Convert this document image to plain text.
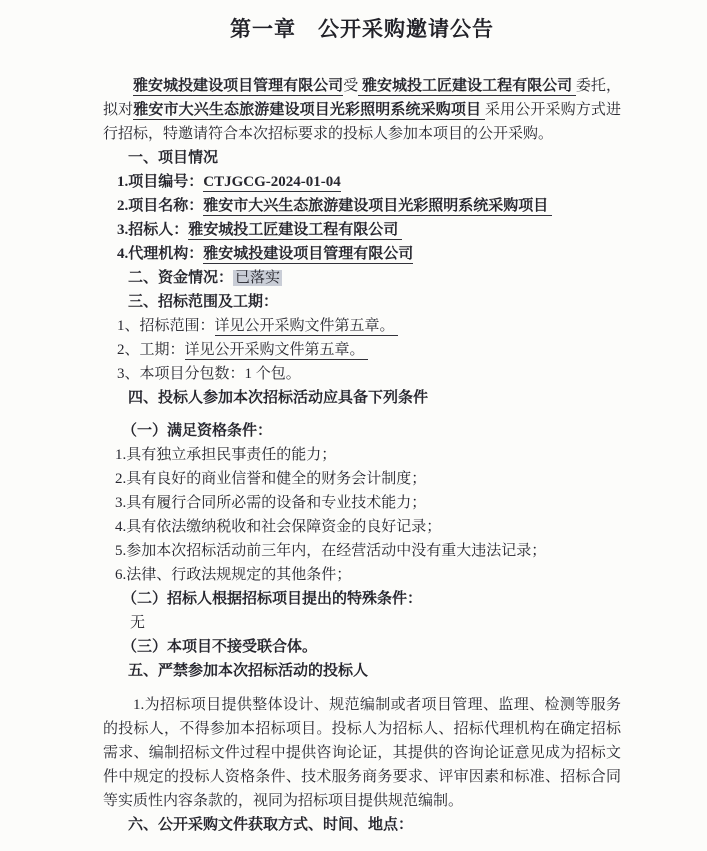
第一章　公开采购邀请公告

雅安城投建设项目管理有限公司受 雅安城投工匠建设工程有限公司 委托，拟对雅安市大兴生态旅游建设项目光彩照明系统采购项目 采用公开采购方式进行招标，特邀请符合本次招标要求的投标人参加本项目的公开采购。

一、项目情况
1.项目编号：CTJGCG-2024-01-04
2.项目名称：雅安市大兴生态旅游建设项目光彩照明系统采购项目
3.招标人：雅安城投工匠建设工程有限公司
4.代理机构：雅安城投建设项目管理有限公司
二、资金情况： 已落实
三、招标范围及工期：
1、招标范围：详见公开采购文件第五章。
2、工期：详见公开采购文件第五章。
3、本项目分包数：1 个包。
四、投标人参加本次招标活动应具备下列条件
（一）满足资格条件：
1.具有独立承担民事责任的能力；
2.具有良好的商业信誉和健全的财务会计制度；
3.具有履行合同所必需的设备和专业技术能力；
4.具有依法缴纳税收和社会保障资金的良好记录；
5.参加本次招标活动前三年内，在经营活动中没有重大违法记录；
6.法律、行政法规规定的其他条件；
（二）招标人根据招标项目提出的特殊条件：
无
（三）本项目不接受联合体。
五、严禁参加本次招标活动的投标人

1.为招标项目提供整体设计、规范编制或者项目管理、监理、检测等服务的投标人，不得参加本招标项目。投标人为招标人、招标代理机构在确定招标需求、编制招标文件过程中提供咨询论证，其提供的咨询论证意见成为招标文件中规定的投标人资格条件、技术服务商务要求、评审因素和标准、招标合同等实质性内容条款的，视同为招标项目提供规范编制。

六、公开采购文件获取方式、时间、地点：
